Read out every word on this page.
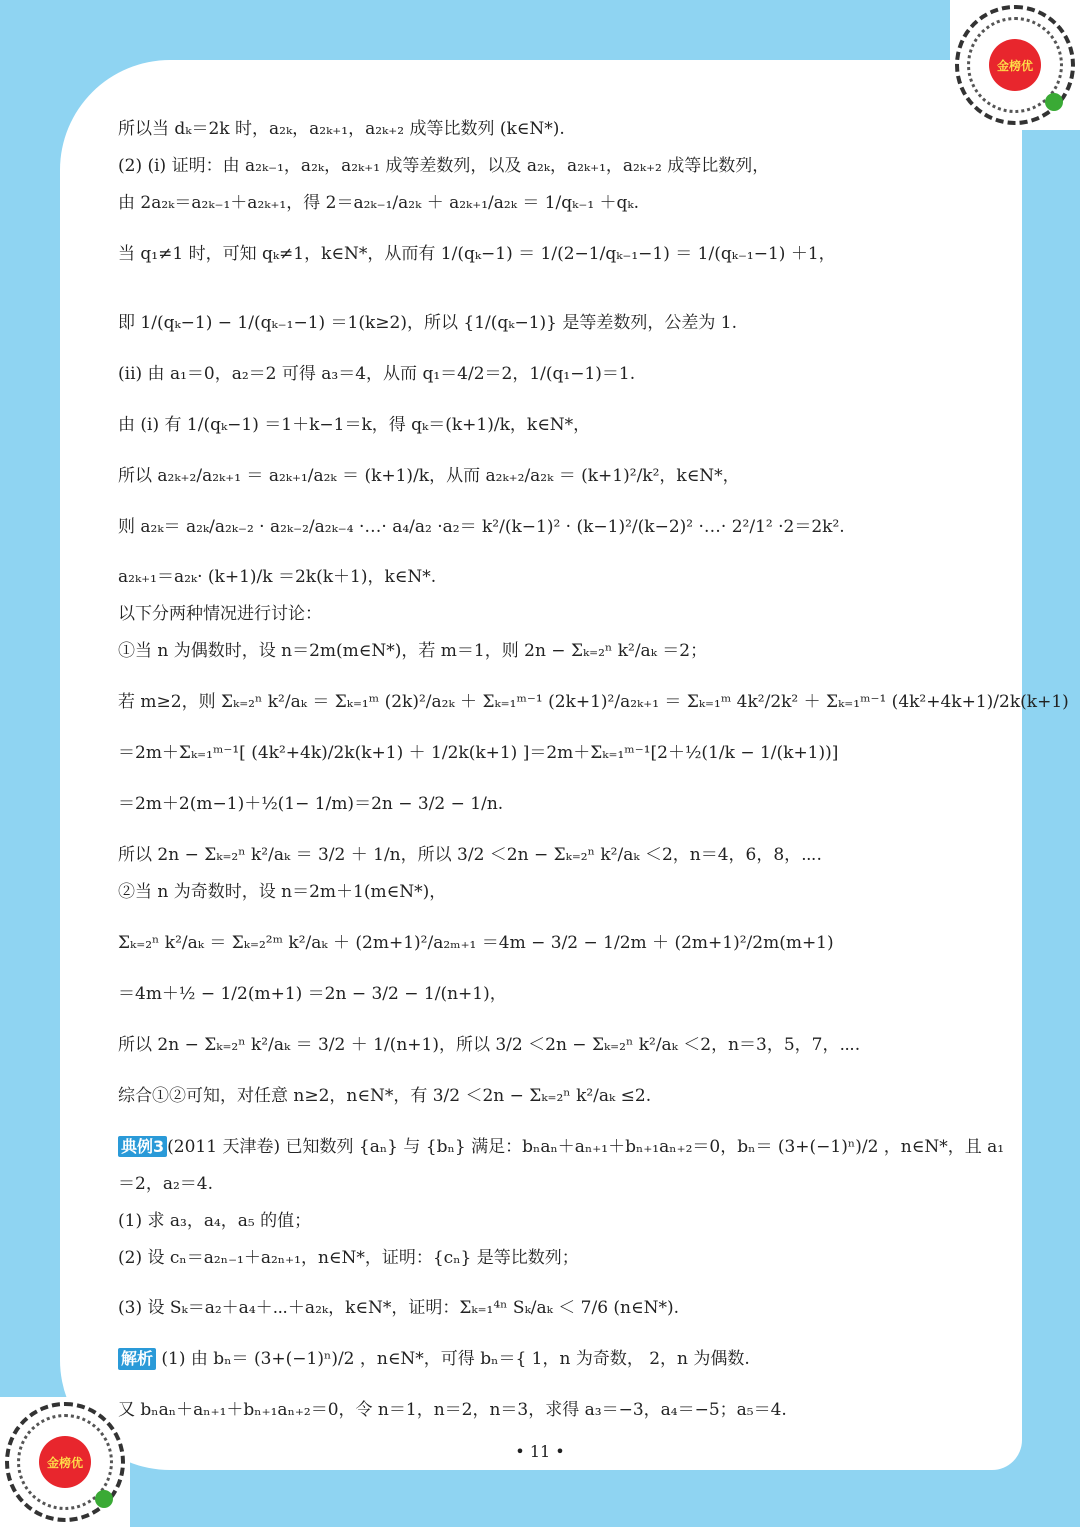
金榜优
金榜优

所以当 dₖ＝2k 时，a₂ₖ，a₂ₖ₊₁，a₂ₖ₊₂ 成等比数列 (k∈N*).

(2) (i) 证明：由 a₂ₖ₋₁，a₂ₖ，a₂ₖ₊₁ 成等差数列，以及 a₂ₖ，a₂ₖ₊₁，a₂ₖ₊₂ 成等比数列，

由 2a₂ₖ＝a₂ₖ₋₁＋a₂ₖ₊₁，得 2＝a₂ₖ₋₁/a₂ₖ ＋ a₂ₖ₊₁/a₂ₖ ＝ 1/qₖ₋₁ ＋qₖ.

当 q₁≠1 时，可知 qₖ≠1，k∈N*，从而有 1/(qₖ−1) ＝ 1/(2−1/qₖ₋₁−1) ＝ 1/(qₖ₋₁−1) ＋1，

即 1/(qₖ−1) − 1/(qₖ₋₁−1) ＝1(k≥2)，所以 {1/(qₖ−1)} 是等差数列，公差为 1.

(ii) 由 a₁＝0，a₂＝2 可得 a₃＝4，从而 q₁＝4/2＝2，1/(q₁−1)＝1.

由 (i) 有 1/(qₖ−1) ＝1＋k−1＝k，得 qₖ＝(k+1)/k，k∈N*，

所以 a₂ₖ₊₂/a₂ₖ₊₁ ＝ a₂ₖ₊₁/a₂ₖ ＝ (k+1)/k，从而 a₂ₖ₊₂/a₂ₖ ＝ (k+1)²/k²，k∈N*，

则 a₂ₖ＝ a₂ₖ/a₂ₖ₋₂ · a₂ₖ₋₂/a₂ₖ₋₄ ·…· a₄/a₂ ·a₂＝ k²/(k−1)² · (k−1)²/(k−2)² ·…· 2²/1² ·2＝2k².

a₂ₖ₊₁＝a₂ₖ· (k+1)/k ＝2k(k＋1)，k∈N*.

以下分两种情况进行讨论：

①当 n 为偶数时，设 n＝2m(m∈N*)，若 m＝1，则 2n − Σₖ₌₂ⁿ k²/aₖ ＝2；

若 m≥2，则 Σₖ₌₂ⁿ k²/aₖ ＝ Σₖ₌₁ᵐ (2k)²/a₂ₖ ＋ Σₖ₌₁ᵐ⁻¹ (2k+1)²/a₂ₖ₊₁ ＝ Σₖ₌₁ᵐ 4k²/2k² ＋ Σₖ₌₁ᵐ⁻¹ (4k²+4k+1)/2k(k+1)

＝2m＋Σₖ₌₁ᵐ⁻¹[ (4k²+4k)/2k(k+1) ＋ 1/2k(k+1) ]＝2m＋Σₖ₌₁ᵐ⁻¹[2＋½(1/k − 1/(k+1))]

＝2m＋2(m−1)＋½(1− 1/m)＝2n − 3/2 − 1/n.

所以 2n − Σₖ₌₂ⁿ k²/aₖ ＝ 3/2 ＋ 1/n，所以 3/2 ＜2n − Σₖ₌₂ⁿ k²/aₖ ＜2，n＝4，6，8，⋯.

②当 n 为奇数时，设 n＝2m＋1(m∈N*)，

Σₖ₌₂ⁿ k²/aₖ ＝ Σₖ₌₂²ᵐ k²/aₖ ＋ (2m+1)²/a₂ₘ₊₁ ＝4m − 3/2 − 1/2m ＋ (2m+1)²/2m(m+1)

＝4m＋½ − 1/2(m+1) ＝2n − 3/2 − 1/(n+1)，

所以 2n − Σₖ₌₂ⁿ k²/aₖ ＝ 3/2 ＋ 1/(n+1)，所以 3/2 ＜2n − Σₖ₌₂ⁿ k²/aₖ ＜2，n＝3，5，7，⋯.

综合①②可知，对任意 n≥2，n∈N*，有 3/2 ＜2n − Σₖ₌₂ⁿ k²/aₖ ≤2.

典例3 (2011 天津卷) 已知数列 {aₙ} 与 {bₙ} 满足：bₙaₙ＋aₙ₊₁＋bₙ₊₁aₙ₊₂＝0，bₙ＝ (3+(−1)ⁿ)/2 ，n∈N*，且 a₁

＝2，a₂＝4.

(1) 求 a₃，a₄，a₅ 的值；

(2) 设 cₙ＝a₂ₙ₋₁＋a₂ₙ₊₁，n∈N*，证明：{cₙ} 是等比数列；

(3) 设 Sₖ＝a₂＋a₄＋⋯＋a₂ₖ，k∈N*，证明：Σₖ₌₁⁴ⁿ Sₖ/aₖ ＜ 7/6 (n∈N*).

解析 (1) 由 bₙ＝ (3+(−1)ⁿ)/2 ，n∈N*，可得 bₙ＝{ 1，n 为奇数， 2，n 为偶数.

又 bₙaₙ＋aₙ₊₁＋bₙ₊₁aₙ₊₂＝0，令 n＝1，n＝2，n＝3，求得 a₃＝−3，a₄＝−5；a₅＝4.

• 11 •
